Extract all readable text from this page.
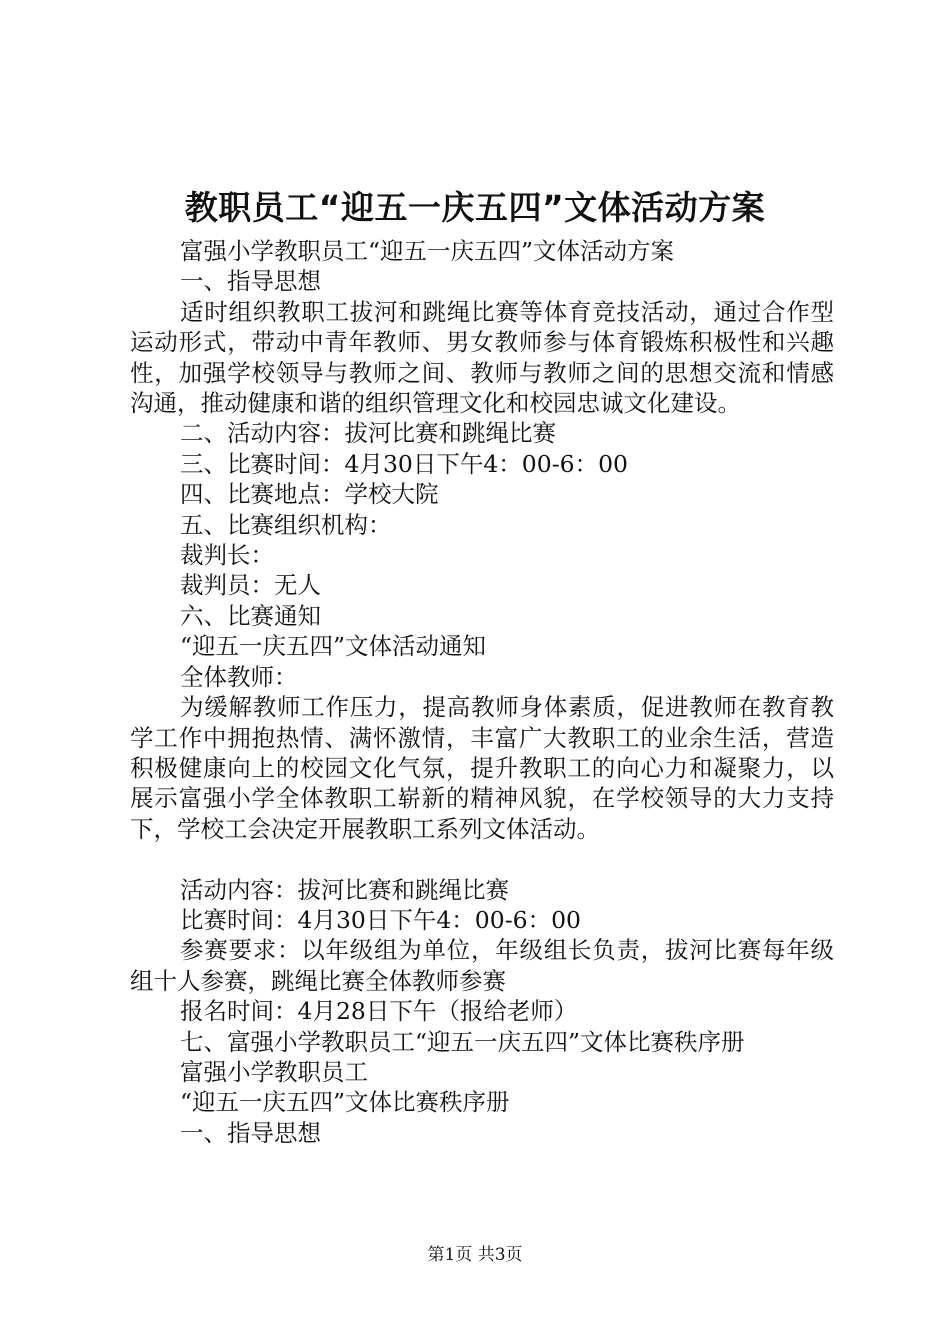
教职员工“迎五一庆五四”文体活动方案

富强小学教职员工“迎五一庆五四”文体活动方案

一、指导思想

适时组织教职工拔河和跳绳比赛等体育竞技活动，通过合作型运动形式，带动中青年教师、男女教师参与体育锻炼积极性和兴趣性，加强学校领导与教师之间、教师与教师之间的思想交流和情感沟通，推动健康和谐的组织管理文化和校园忠诚文化建设。

二、活动内容：拔河比赛和跳绳比赛

三、比赛时间：4月30日下午4：00-6：00

四、比赛地点：学校大院

五、比赛组织机构：

裁判长：

裁判员：无人

六、比赛通知

“迎五一庆五四”文体活动通知

全体教师：

为缓解教师工作压力，提高教师身体素质，促进教师在教育教学工作中拥抱热情、满怀激情，丰富广大教职工的业余生活，营造积极健康向上的校园文化气氛，提升教职工的向心力和凝聚力，以展示富强小学全体教职工崭新的精神风貌，在学校领导的大力支持下，学校工会决定开展教职工系列文体活动。

活动内容：拔河比赛和跳绳比赛

比赛时间：4月30日下午4：00-6：00

参赛要求：以年级组为单位，年级组长负责，拔河比赛每年级组十人参赛，跳绳比赛全体教师参赛

报名时间：4月28日下午（报给老师）

七、富强小学教职员工“迎五一庆五四”文体比赛秩序册

富强小学教职员工

“迎五一庆五四”文体比赛秩序册

一、指导思想

第1页 共3页
